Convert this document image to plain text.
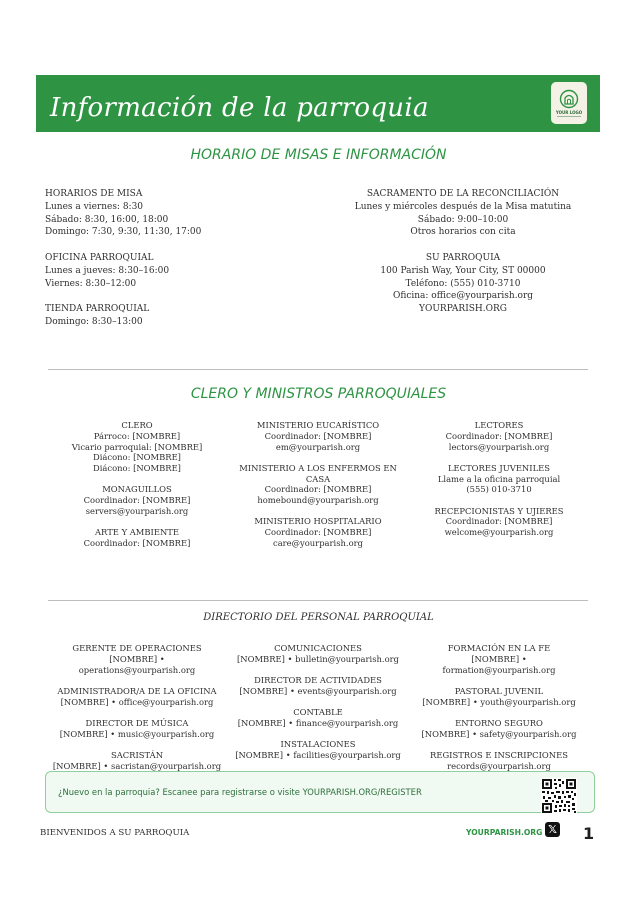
Información de la parroquia	YOUR LOGO
HORARIO DE MISAS E INFORMACIÓN
HORARIOS DE MISA
Lunes a viernes: 8:30
Sábado: 8:30, 16:00, 18:00
Domingo: 7:30, 9:30, 11:30, 17:00
OFICINA PARROQUIAL
Lunes a jueves: 8:30–16:00
Viernes: 8:30–12:00
TIENDA PARROQUIAL
Domingo: 8:30–13:00
SACRAMENTO DE LA RECONCILIACIÓN
Lunes y miércoles después de la Misa matutina
Sábado: 9:00–10:00
Otros horarios con cita
SU PARROQUIA
100 Parish Way, Your City, ST 00000
Teléfono: (555) 010-3710
Oficina: office@yourparish.org
YOURPARISH.ORG
CLERO Y MINISTROS PARROQUIALES
CLERO
Párroco: [NOMBRE]
Vicario parroquial: [NOMBRE]
Diácono: [NOMBRE]
Diácono: [NOMBRE]
MONAGUILLOS
Coordinador: [NOMBRE]
servers@yourparish.org
ARTE Y AMBIENTE
Coordinador: [NOMBRE]
MINISTERIO EUCARÍSTICO
Coordinador: [NOMBRE]
em@yourparish.org
MINISTERIO A LOS ENFERMOS EN
CASA
Coordinador: [NOMBRE]
homebound@yourparish.org
MINISTERIO HOSPITALARIO
Coordinador: [NOMBRE]
care@yourparish.org
LECTORES
Coordinador: [NOMBRE]
lectors@yourparish.org
LECTORES JUVENILES
Llame a la oficina parroquial
(555) 010-3710
RECEPCIONISTAS Y UJIERES
Coordinador: [NOMBRE]
welcome@yourparish.org
DIRECTORIO DEL PERSONAL PARROQUIAL
GERENTE DE OPERACIONES
[NOMBRE] •
operations@yourparish.org
ADMINISTRADOR/A DE LA OFICINA
[NOMBRE] • office@yourparish.org
DIRECTOR DE MÚSICA
[NOMBRE] • music@yourparish.org
SACRISTÁN
[NOMBRE] • sacristan@yourparish.org
COMUNICACIONES
[NOMBRE] • bulletin@yourparish.org
DIRECTOR DE ACTIVIDADES
[NOMBRE] • events@yourparish.org
CONTABLE
[NOMBRE] • finance@yourparish.org
INSTALACIONES
[NOMBRE] • facilities@yourparish.org
FORMACIÓN EN LA FE
[NOMBRE] •
formation@yourparish.org
PASTORAL JUVENIL
[NOMBRE] • youth@yourparish.org
ENTORNO SEGURO
[NOMBRE] • safety@yourparish.org
REGISTROS E INSCRIPCIONES
records@yourparish.org
¿Nuevo en la parroquia? Escanee para registrarse o visite YOURPARISH.ORG/REGISTER
BIENVENIDOS A SU PARROQUIA	YOURPARISH.ORG 𝕏 1
